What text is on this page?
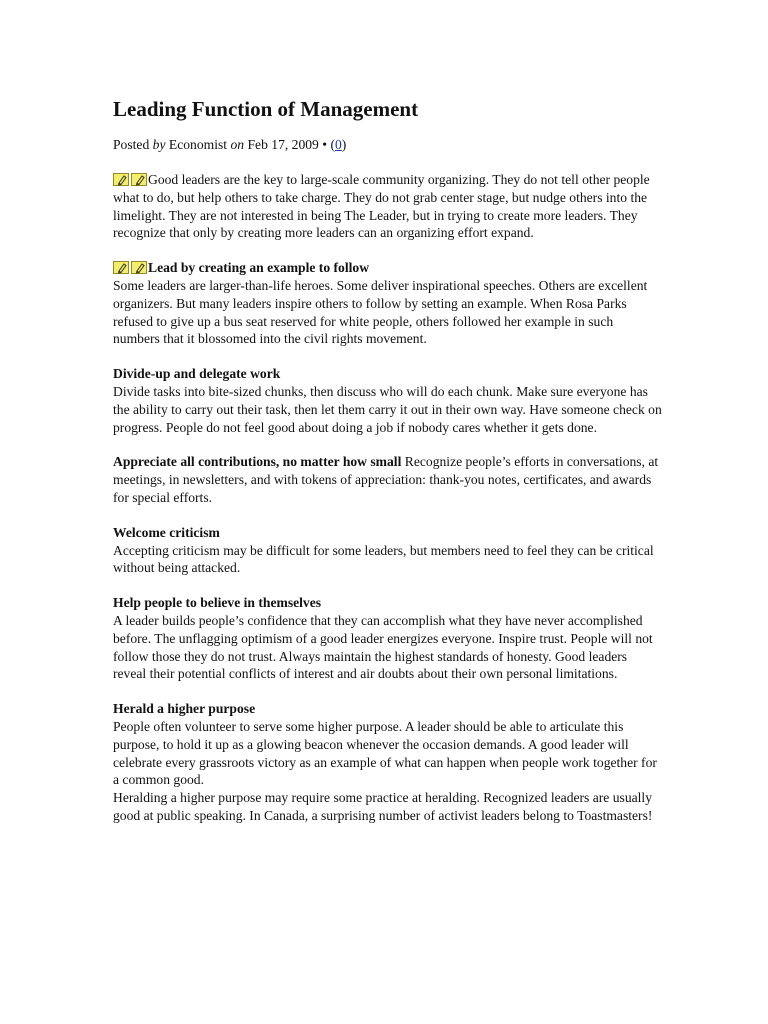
Leading Function of Management
Posted by Economist on Feb 17, 2009 • (0)

Good leaders are the key to large-scale community organizing. They do not tell other people what to do, but help others to take charge. They do not grab center stage, but nudge others into the limelight. They are not interested in being The Leader, but in trying to create more leaders. They recognize that only by creating more leaders can an organizing effort expand.

Lead by creating an example to follow

Some leaders are larger-than-life heroes. Some deliver inspirational speeches. Others are excellent organizers. But many leaders inspire others to follow by setting an example. When Rosa Parks refused to give up a bus seat reserved for white people, others followed her example in such numbers that it blossomed into the civil rights movement.

Divide-up and delegate work

Divide tasks into bite-sized chunks, then discuss who will do each chunk. Make sure everyone has the ability to carry out their task, then let them carry it out in their own way. Have someone check on progress. People do not feel good about doing a job if nobody cares whether it gets done.

Appreciate all contributions, no matter how small Recognize people’s efforts in conversations, at meetings, in newsletters, and with tokens of appreciation: thank-you notes, certificates, and awards for special efforts.

Welcome criticism

Accepting criticism may be difficult for some leaders, but members need to feel they can be critical without being attacked.

Help people to believe in themselves

A leader builds people’s confidence that they can accomplish what they have never accomplished before. The unflagging optimism of a good leader energizes everyone. Inspire trust. People will not follow those they do not trust. Always maintain the highest standards of honesty. Good leaders reveal their potential conflicts of interest and air doubts about their own personal limitations.

Herald a higher purpose

People often volunteer to serve some higher purpose. A leader should be able to articulate this purpose, to hold it up as a glowing beacon whenever the occasion demands. A good leader will celebrate every grassroots victory as an example of what can happen when people work together for a common good.

Heralding a higher purpose may require some practice at heralding. Recognized leaders are usually good at public speaking. In Canada, a surprising number of activist leaders belong to Toastmasters!
